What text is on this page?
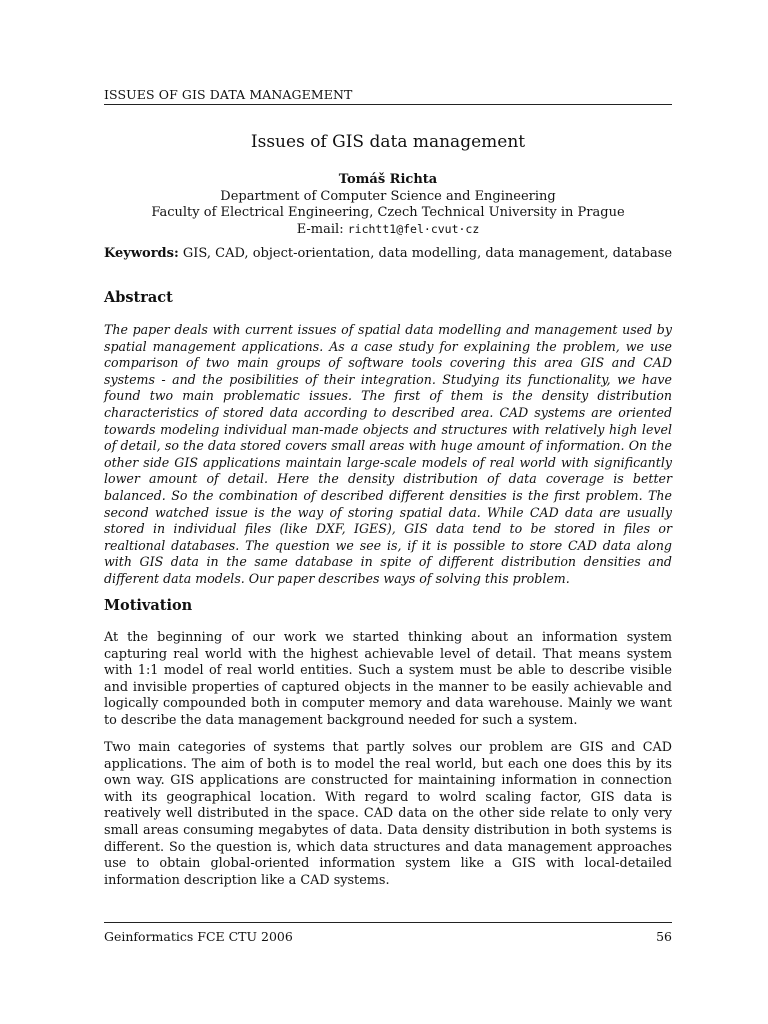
ISSUES OF GIS DATA MANAGEMENT
Issues of GIS data management
Tomáš Richta
Department of Computer Science and Engineering
Faculty of Electrical Engineering, Czech Technical University in Prague
E-mail: richtt1@fel·cvut·cz
Keywords: GIS, CAD, object-orientation, data modelling, data management, database
Abstract
The paper deals with current issues of spatial data modelling and management used by spatial management applications. As a case study for explaining the problem, we use comparison of two main groups of software tools covering this area GIS and CAD systems - and the posibilities of their integration. Studying its functionality, we have found two main problematic issues. The first of them is the density distribution characteristics of stored data according to described area. CAD systems are oriented towards modeling individual man-made objects and structures with relatively high level of detail, so the data stored covers small areas with huge amount of information. On the other side GIS applications maintain large-scale models of real world with significantly lower amount of detail. Here the density distribution of data coverage is better balanced. So the combination of described different densities is the first problem. The second watched issue is the way of storing spatial data. While CAD data are usually stored in individual files (like DXF, IGES), GIS data tend to be stored in files or realtional databases. The question we see is, if it is possible to store CAD data along with GIS data in the same database in spite of different distribution densities and different data models. Our paper describes ways of solving this problem.
Motivation

At the beginning of our work we started thinking about an information system capturing real world with the highest achievable level of detail. That means system with 1:1 model of real world entities. Such a system must be able to describe visible and invisible properties of captured objects in the manner to be easily achievable and logically compounded both in computer memory and data warehouse. Mainly we want to describe the data management background needed for such a system.

Two main categories of systems that partly solves our problem are GIS and CAD applications. The aim of both is to model the real world, but each one does this by its own way. GIS applications are constructed for maintaining information in connection with its geographical location. With regard to wolrd scaling factor, GIS data is reatively well distributed in the space. CAD data on the other side relate to only very small areas consuming megabytes of data. Data density distribution in both systems is different. So the question is, which data structures and data management approaches use to obtain global-oriented information system like a GIS with local-detailed information description like a CAD systems.

Geinformatics FCE CTU 2006	56
